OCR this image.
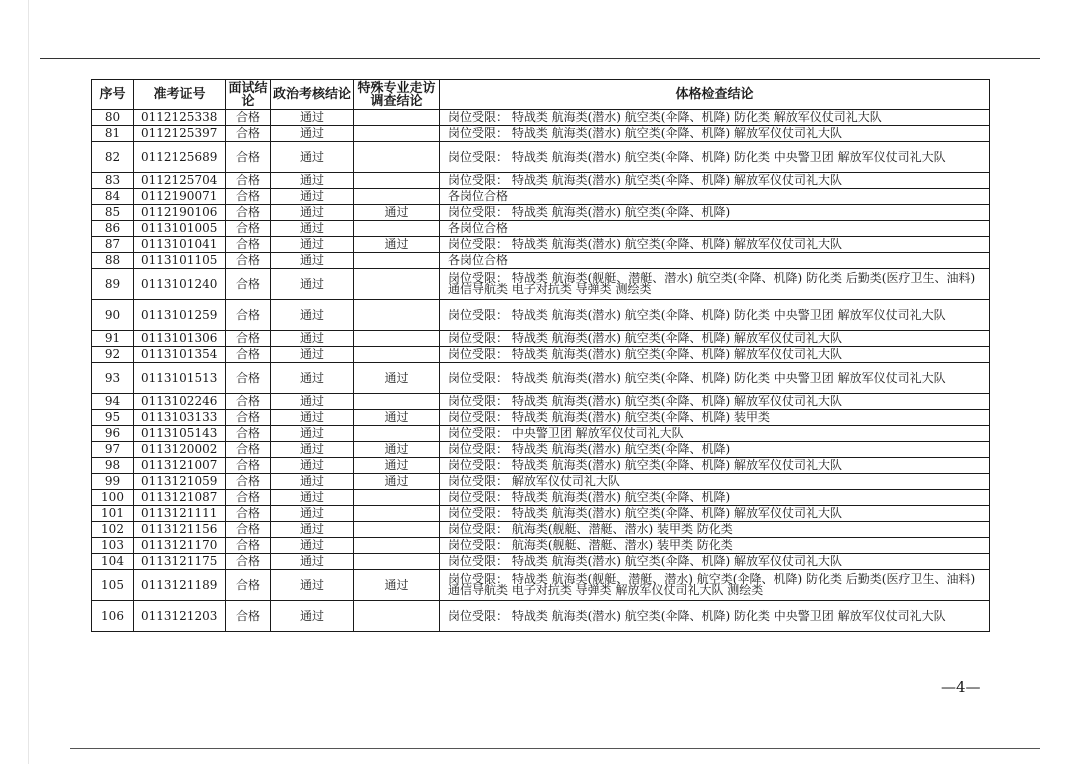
序号	准考证号	面试结论	政治考核结论	特殊专业走访调查结论	体格检查结论
80	0112125338	合格	通过		岗位受限： 特战类 航海类(潜水) 航空类(伞降、机降) 防化类 解放军仪仗司礼大队
81	0112125397	合格	通过		岗位受限： 特战类 航海类(潜水) 航空类(伞降、机降) 解放军仪仗司礼大队
82	0112125689	合格	通过		岗位受限： 特战类 航海类(潜水) 航空类(伞降、机降) 防化类 中央警卫团 解放军仪仗司礼大队
83	0112125704	合格	通过		岗位受限： 特战类 航海类(潜水) 航空类(伞降、机降) 解放军仪仗司礼大队
84	0112190071	合格	通过		各岗位合格
85	0112190106	合格	通过	通过	岗位受限： 特战类 航海类(潜水) 航空类(伞降、机降)
86	0113101005	合格	通过		各岗位合格
87	0113101041	合格	通过	通过	岗位受限： 特战类 航海类(潜水) 航空类(伞降、机降) 解放军仪仗司礼大队
88	0113101105	合格	通过		各岗位合格
89	0113101240	合格	通过		岗位受限： 特战类 航海类(舰艇、潜艇、潜水) 航空类(伞降、机降) 防化类 后勤类(医疗卫生、油料) 通信导航类 电子对抗类 导弹类 测绘类
90	0113101259	合格	通过		岗位受限： 特战类 航海类(潜水) 航空类(伞降、机降) 防化类 中央警卫团 解放军仪仗司礼大队
91	0113101306	合格	通过		岗位受限： 特战类 航海类(潜水) 航空类(伞降、机降) 解放军仪仗司礼大队
92	0113101354	合格	通过		岗位受限： 特战类 航海类(潜水) 航空类(伞降、机降) 解放军仪仗司礼大队
93	0113101513	合格	通过	通过	岗位受限： 特战类 航海类(潜水) 航空类(伞降、机降) 防化类 中央警卫团 解放军仪仗司礼大队
94	0113102246	合格	通过		岗位受限： 特战类 航海类(潜水) 航空类(伞降、机降) 解放军仪仗司礼大队
95	0113103133	合格	通过	通过	岗位受限： 特战类 航海类(潜水) 航空类(伞降、机降) 装甲类
96	0113105143	合格	通过		岗位受限： 中央警卫团 解放军仪仗司礼大队
97	0113120002	合格	通过	通过	岗位受限： 特战类 航海类(潜水) 航空类(伞降、机降)
98	0113121007	合格	通过	通过	岗位受限： 特战类 航海类(潜水) 航空类(伞降、机降) 解放军仪仗司礼大队
99	0113121059	合格	通过	通过	岗位受限： 解放军仪仗司礼大队
100	0113121087	合格	通过		岗位受限： 特战类 航海类(潜水) 航空类(伞降、机降)
101	0113121111	合格	通过		岗位受限： 特战类 航海类(潜水) 航空类(伞降、机降) 解放军仪仗司礼大队
102	0113121156	合格	通过		岗位受限： 航海类(舰艇、潜艇、潜水) 装甲类 防化类
103	0113121170	合格	通过		岗位受限： 航海类(舰艇、潜艇、潜水) 装甲类 防化类
104	0113121175	合格	通过		岗位受限： 特战类 航海类(潜水) 航空类(伞降、机降) 解放军仪仗司礼大队
105	0113121189	合格	通过	通过	岗位受限： 特战类 航海类(舰艇、潜艇、潜水) 航空类(伞降、机降) 防化类 后勤类(医疗卫生、油料) 通信导航类 电子对抗类 导弹类 解放军仪仗司礼大队 测绘类
106	0113121203	合格	通过		岗位受限： 特战类 航海类(潜水) 航空类(伞降、机降) 防化类 中央警卫团 解放军仪仗司礼大队
—4—
